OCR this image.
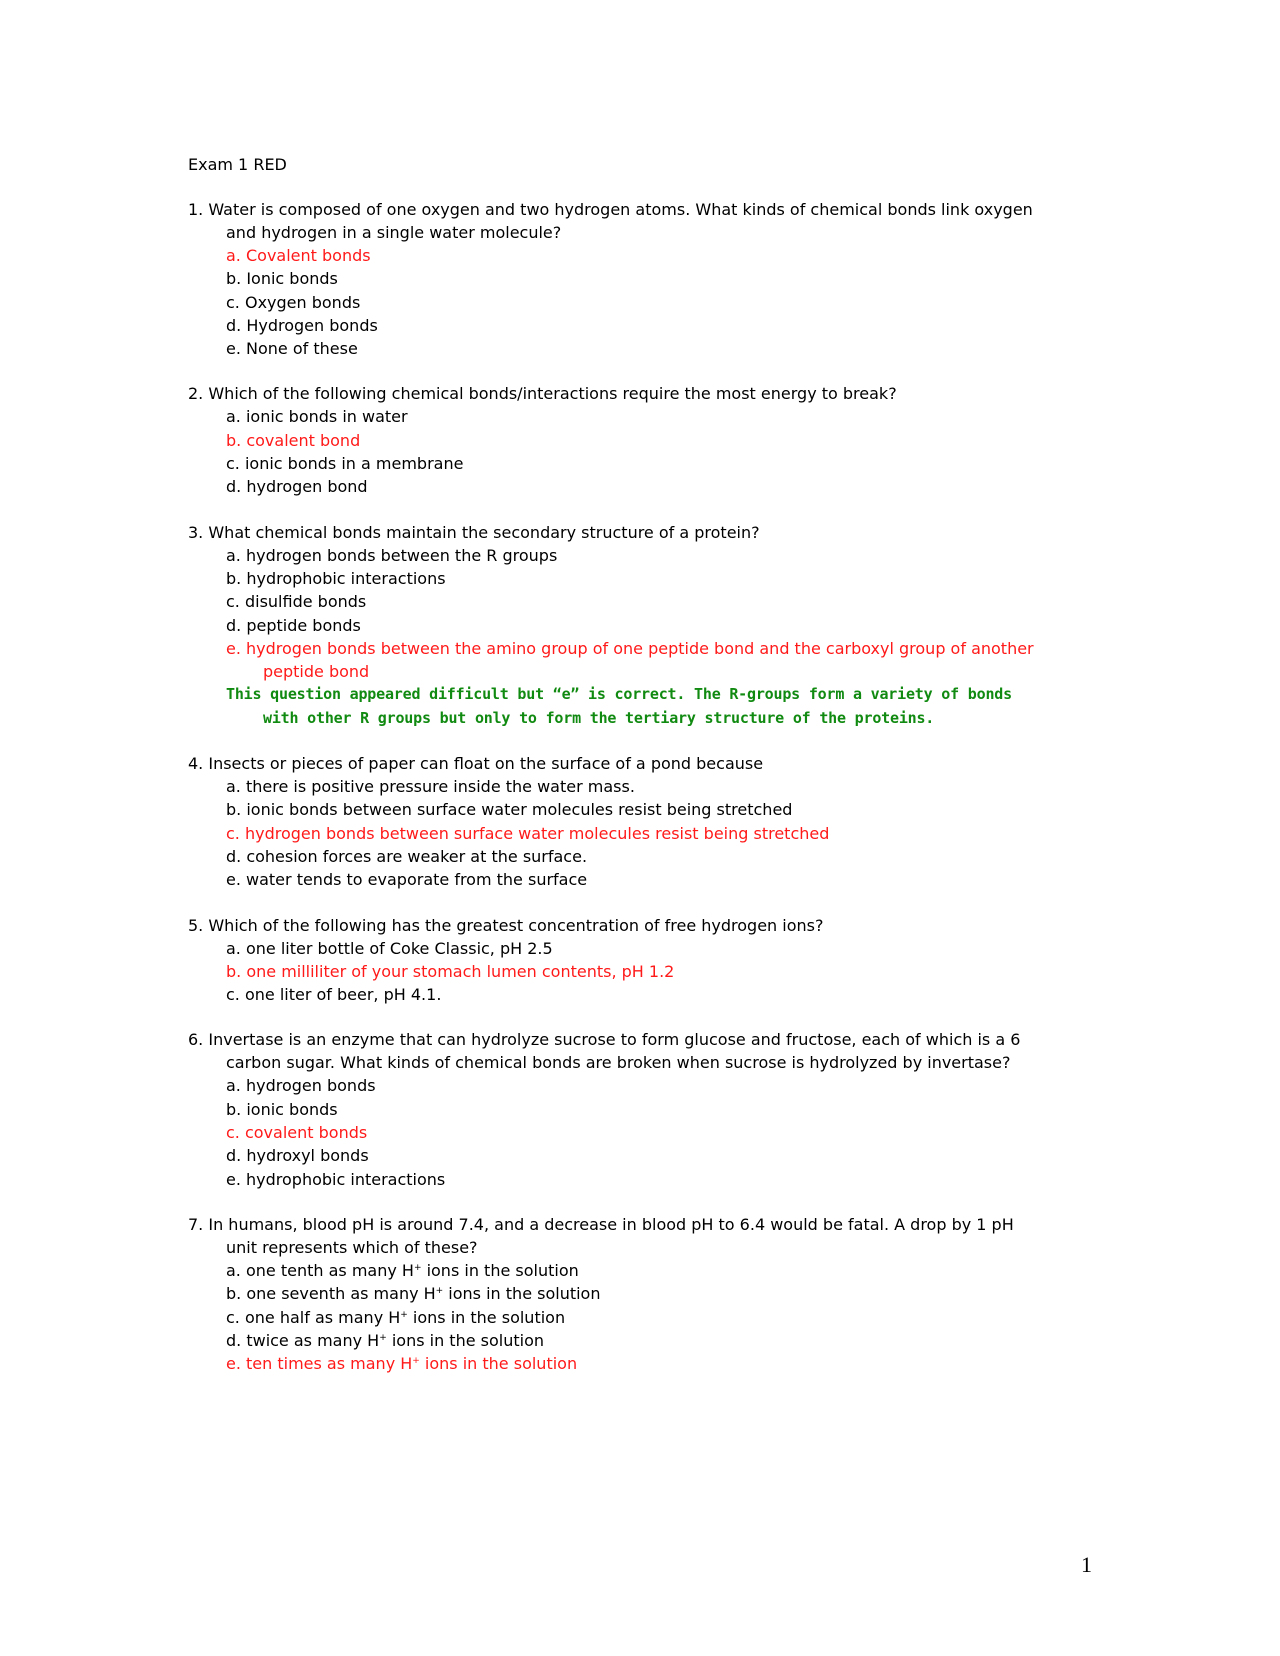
Exam 1 RED
1. Water is composed of one oxygen and two hydrogen atoms. What kinds of chemical bonds link oxygen and hydrogen in a single water molecule?
a. Covalent bonds
b. Ionic bonds
c. Oxygen bonds
d. Hydrogen bonds
e. None of these
2. Which of the following chemical bonds/interactions require the most energy to break?
a. ionic bonds in water
b. covalent bond
c. ionic bonds in a membrane
d. hydrogen bond
3. What chemical bonds maintain the secondary structure of a protein?
a. hydrogen bonds between the R groups
b. hydrophobic interactions
c. disulfide bonds
d. peptide bonds
e. hydrogen bonds between the amino group of one peptide bond and the carboxyl group of another peptide bond
This question appeared difficult but “e” is correct. The R-groups form a variety of bonds with other R groups but only to form the tertiary structure of the proteins.
4. Insects or pieces of paper can float on the surface of a pond because
a. there is positive pressure inside the water mass.
b. ionic bonds between surface water molecules resist being stretched
c. hydrogen bonds between surface water molecules resist being stretched
d. cohesion forces are weaker at the surface.
e. water tends to evaporate from the surface
5. Which of the following has the greatest concentration of free hydrogen ions?
a. one liter bottle of Coke Classic, pH 2.5
b. one milliliter of your stomach lumen contents, pH 1.2
c. one liter of beer, pH 4.1.
6. Invertase is an enzyme that can hydrolyze sucrose to form glucose and fructose, each of which is a 6 carbon sugar. What kinds of chemical bonds are broken when sucrose is hydrolyzed by invertase?
a. hydrogen bonds
b. ionic bonds
c. covalent bonds
d. hydroxyl bonds
e. hydrophobic interactions
7. In humans, blood pH is around 7.4, and a decrease in blood pH to 6.4 would be fatal. A drop by 1 pH unit represents which of these?
a. one tenth as many H+ ions in the solution
b. one seventh as many H+ ions in the solution
c. one half as many H+ ions in the solution
d. twice as many H+ ions in the solution
e. ten times as many H+ ions in the solution
1
